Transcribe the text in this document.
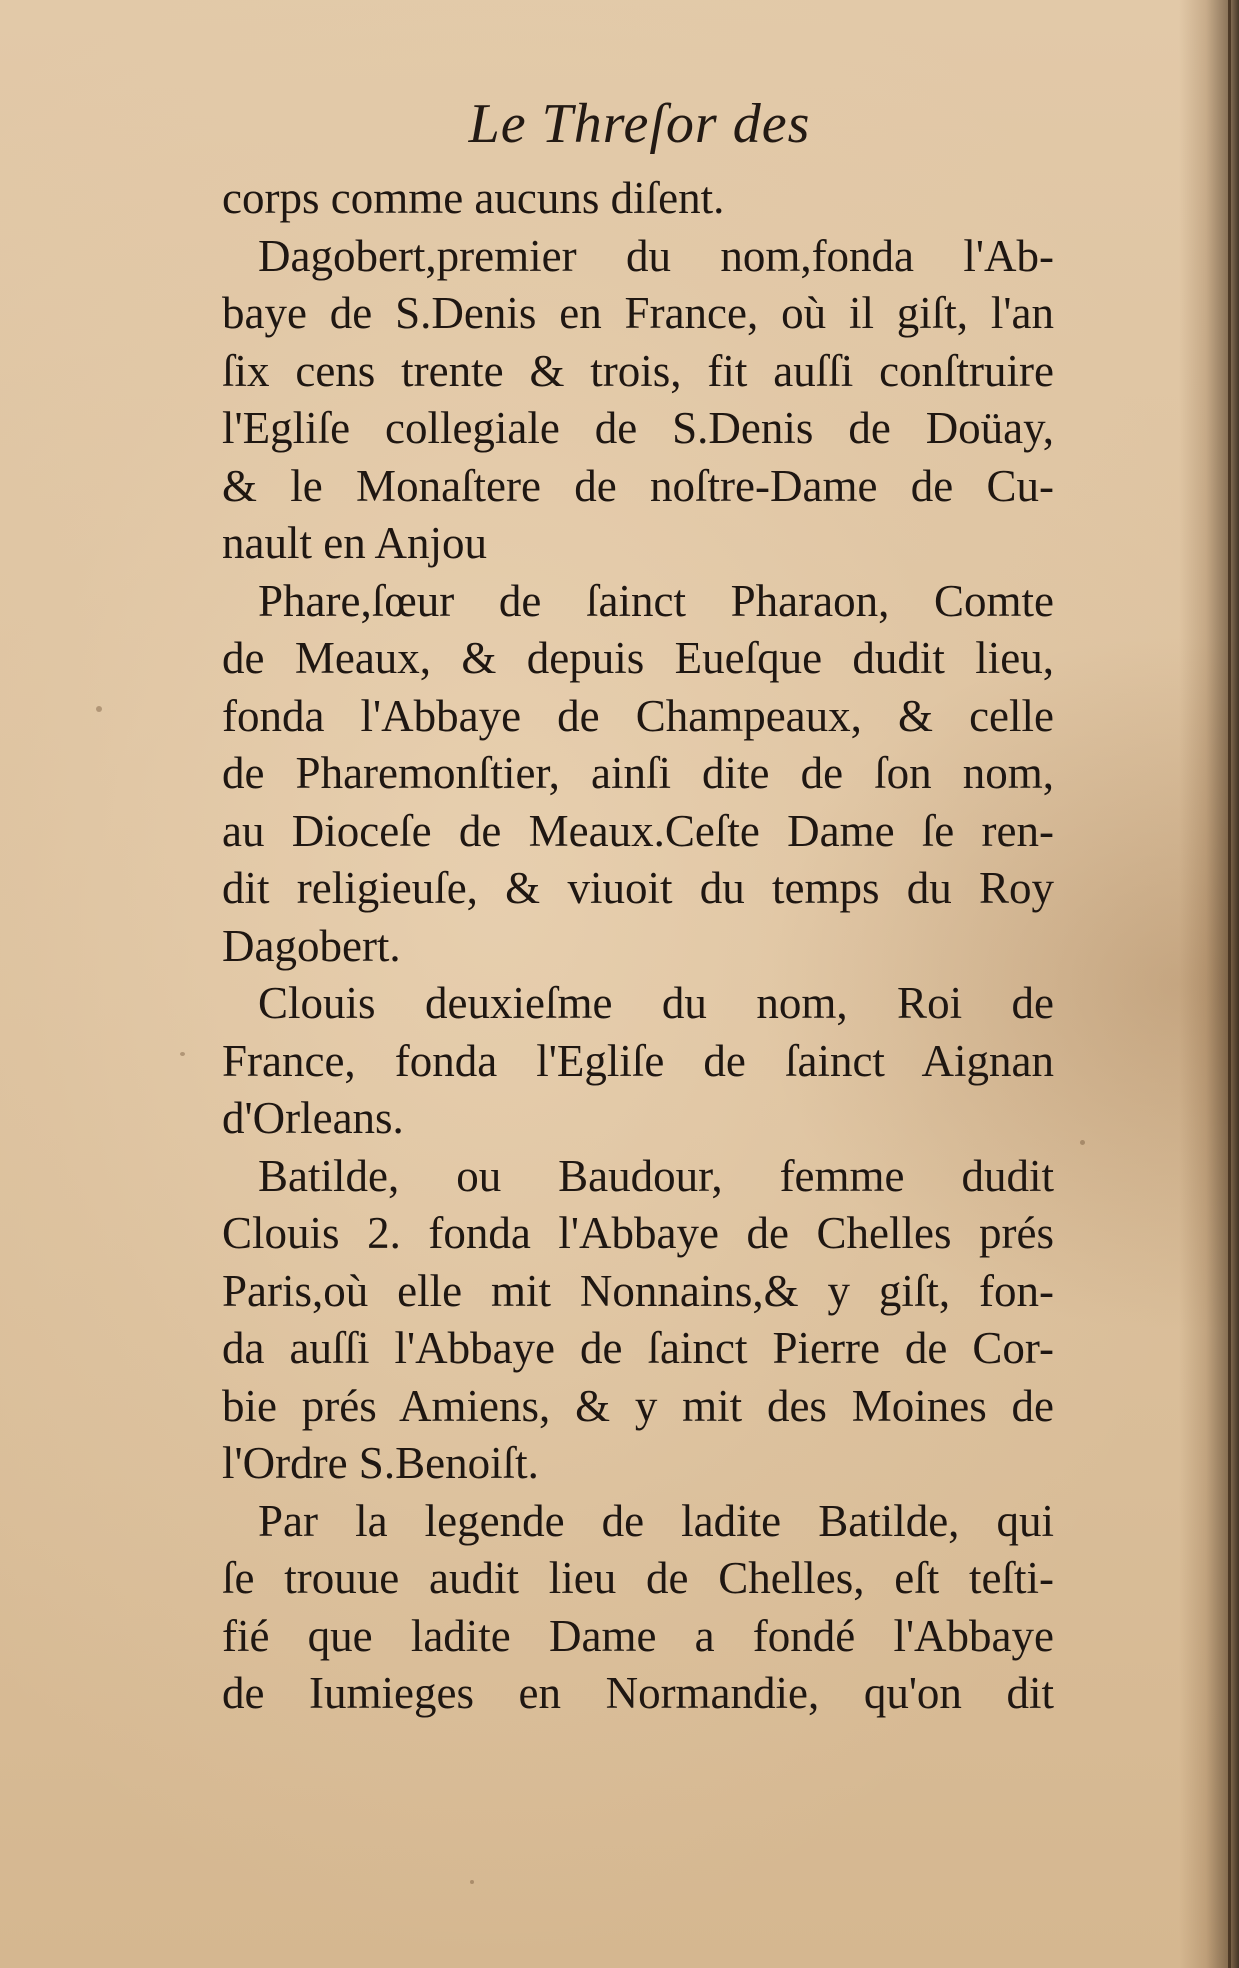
Le Threſor des
corps comme aucuns diſent.
Dagobert,premier du nom,fonda l'Ab-
baye de S.Denis en France, où il giſt, l'an
ſix cens trente & trois, fit auſſi conſtruire
l'Egliſe collegiale de S.Denis de Doüay,
& le Monaſtere de noſtre-Dame de Cu-
nault en Anjou
Phare,ſœur de ſainct Pharaon, Comte
de Meaux, & depuis Eueſque dudit lieu,
fonda l'Abbaye de Champeaux, & celle
de Pharemonſtier, ainſi dite de ſon nom,
au Dioceſe de Meaux.Ceſte Dame ſe ren-
dit religieuſe, & viuoit du temps du Roy
Dagobert.
Clouis deuxieſme du nom, Roi de
France, fonda l'Egliſe de ſainct Aignan
d'Orleans.
Batilde, ou Baudour, femme dudit
Clouis 2. fonda l'Abbaye de Chelles prés
Paris,où elle mit Nonnains,& y giſt, fon-
da auſſi l'Abbaye de ſainct Pierre de Cor-
bie prés Amiens, & y mit des Moines de
l'Ordre S.Benoiſt.
Par la legende de ladite Batilde, qui
ſe trouue audit lieu de Chelles, eſt teſti-
fié que ladite Dame a fondé l'Abbaye
de Iumieges en Normandie, qu'on dit
